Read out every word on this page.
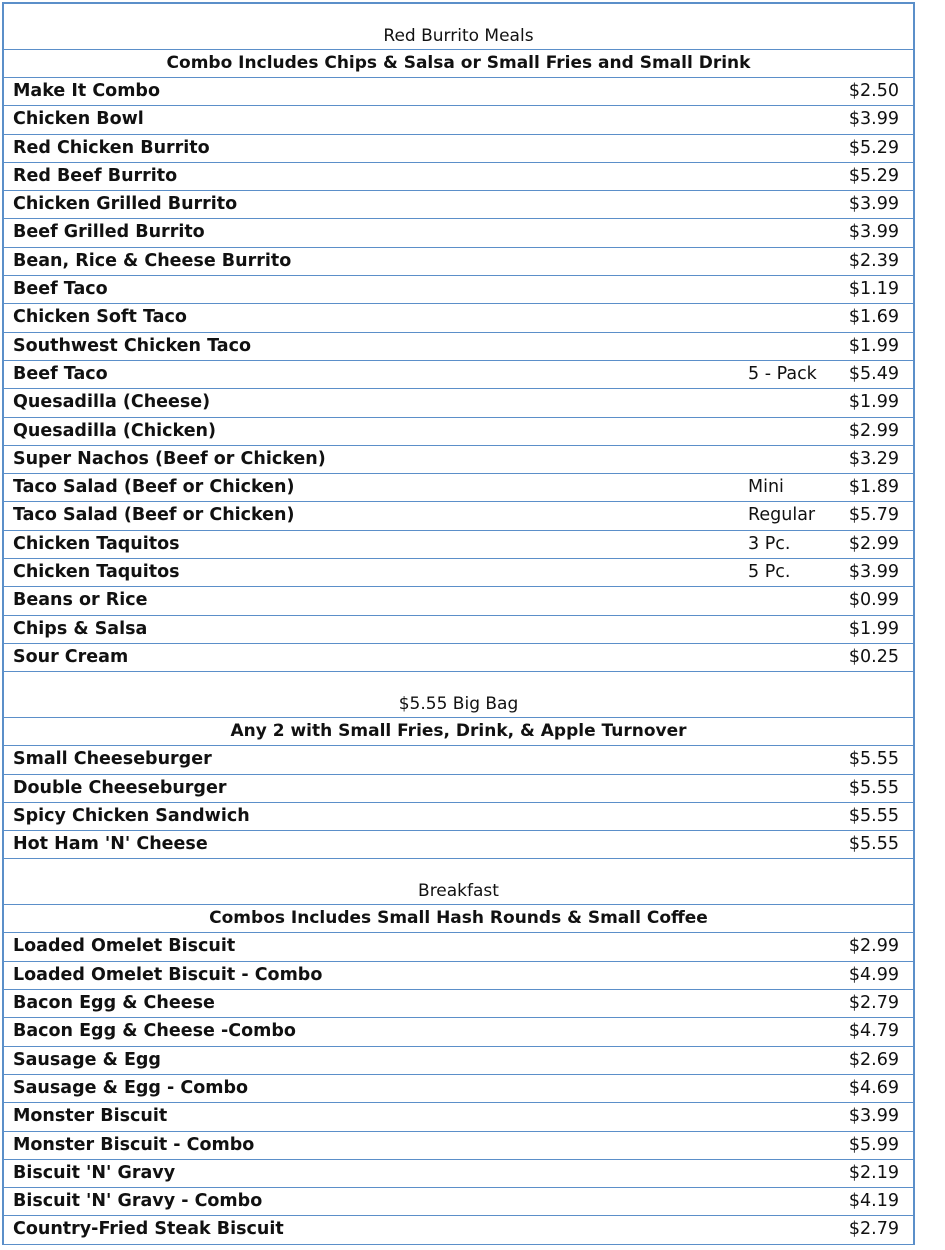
Red Burrito Meals
Combo Includes Chips & Salsa or Small Fries and Small Drink
Make It Combo	$2.50
Chicken Bowl	$3.99
Red Chicken Burrito	$5.29
Red Beef Burrito	$5.29
Chicken Grilled Burrito	$3.99
Beef Grilled Burrito	$3.99
Bean, Rice & Cheese Burrito	$2.39
Beef Taco	$1.19
Chicken Soft Taco	$1.69
Southwest Chicken Taco	$1.99
Beef Taco	5 - Pack $5.49
Quesadilla (Cheese)	$1.99
Quesadilla (Chicken)	$2.99
Super Nachos (Beef or Chicken)	$3.29
Taco Salad (Beef or Chicken)	Mini	$1.89
Taco Salad (Beef or Chicken)	Regular $5.79
Chicken Taquitos	3 Pc.	$2.99
Chicken Taquitos	5 Pc.	$3.99
Beans or Rice	$0.99
Chips & Salsa	$1.99
Sour Cream	$0.25
$5.55 Big Bag
Any 2 with Small Fries, Drink, & Apple Turnover
Small Cheeseburger	$5.55
Double Cheeseburger	$5.55
Spicy Chicken Sandwich	$5.55
Hot Ham 'N' Cheese	$5.55
Breakfast
Combos Includes Small Hash Rounds & Small Coffee
Loaded Omelet Biscuit	$2.99
Loaded Omelet Biscuit - Combo	$4.99
Bacon Egg & Cheese	$2.79
Bacon Egg & Cheese -Combo	$4.79
Sausage & Egg	$2.69
Sausage & Egg - Combo	$4.69
Monster Biscuit	$3.99
Monster Biscuit - Combo	$5.99
Biscuit 'N' Gravy	$2.19
Biscuit 'N' Gravy - Combo	$4.19
Country-Fried Steak Biscuit	$2.79
